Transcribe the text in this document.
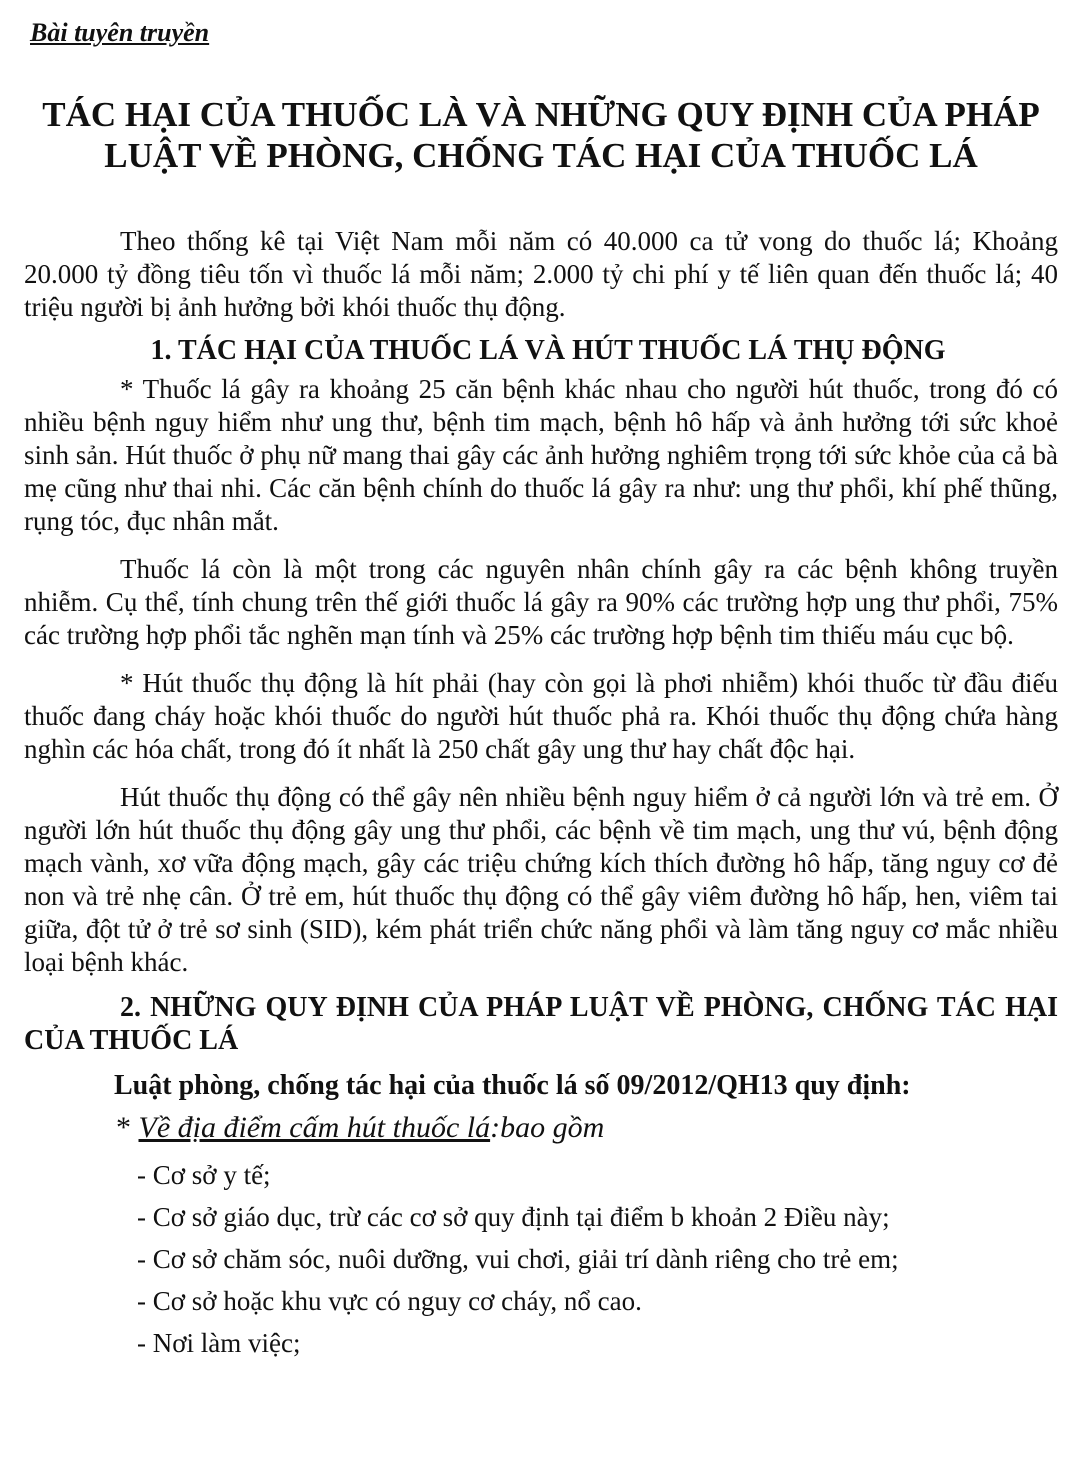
Bài tuyên truyền
TÁC HẠI CỦA THUỐC LÀ VÀ NHỮNG QUY ĐỊNH CỦA PHÁP LUẬT VỀ PHÒNG, CHỐNG TÁC HẠI CỦA THUỐC LÁ

Theo thống kê tại Việt Nam mỗi năm có 40.000 ca tử vong do thuốc lá; Khoảng 20.000 tỷ đồng tiêu tốn vì thuốc lá mỗi năm; 2.000 tỷ chi phí y tế liên quan đến thuốc lá; 40 triệu người bị ảnh hưởng bởi khói thuốc thụ động.

1. TÁC HẠI CỦA THUỐC LÁ VÀ HÚT THUỐC LÁ THỤ ĐỘNG

* Thuốc lá gây ra khoảng 25 căn bệnh khác nhau cho người hút thuốc, trong đó có nhiều bệnh nguy hiểm như ung thư, bệnh tim mạch, bệnh hô hấp và ảnh hưởng tới sức khoẻ sinh sản. Hút thuốc ở phụ nữ mang thai gây các ảnh hưởng nghiêm trọng tới sức khỏe của cả bà mẹ cũng như thai nhi. Các căn bệnh chính do thuốc lá gây ra như: ung thư phổi, khí phế thũng, rụng tóc, đục nhân mắt.

Thuốc lá còn là một trong các nguyên nhân chính gây ra các bệnh không truyền nhiễm. Cụ thể, tính chung trên thế giới thuốc lá gây ra 90% các trường hợp ung thư phổi, 75% các trường hợp phổi tắc nghẽn mạn tính và 25% các trường hợp bệnh tim thiếu máu cục bộ.

* Hút thuốc thụ động là hít phải (hay còn gọi là phơi nhiễm) khói thuốc từ đầu điếu thuốc đang cháy hoặc khói thuốc do người hút thuốc phả ra. Khói thuốc thụ động chứa hàng nghìn các hóa chất, trong đó ít nhất là 250 chất gây ung thư hay chất độc hại.

Hút thuốc thụ động có thể gây nên nhiều bệnh nguy hiểm ở cả người lớn và trẻ em. Ở người lớn hút thuốc thụ động gây ung thư phổi, các bệnh về tim mạch, ung thư vú, bệnh động mạch vành, xơ vữa động mạch, gây các triệu chứng kích thích đường hô hấp, tăng nguy cơ đẻ non và trẻ nhẹ cân. Ở trẻ em, hút thuốc thụ động có thể gây viêm đường hô hấp, hen, viêm tai giữa, đột tử ở trẻ sơ sinh (SID), kém phát triển chức năng phổi và làm tăng nguy cơ mắc nhiều loại bệnh khác.

2. NHỮNG QUY ĐỊNH CỦA PHÁP LUẬT VỀ PHÒNG, CHỐNG TÁC HẠI CỦA THUỐC LÁ

Luật phòng, chống tác hại của thuốc lá số 09/2012/QH13 quy định:

* Về địa điểm cấm hút thuốc lá:bao gồm
- Cơ sở y tế;
- Cơ sở giáo dục, trừ các cơ sở quy định tại điểm b khoản 2 Điều này;
- Cơ sở chăm sóc, nuôi dưỡng, vui chơi, giải trí dành riêng cho trẻ em;
- Cơ sở hoặc khu vực có nguy cơ cháy, nổ cao.
- Nơi làm việc;
